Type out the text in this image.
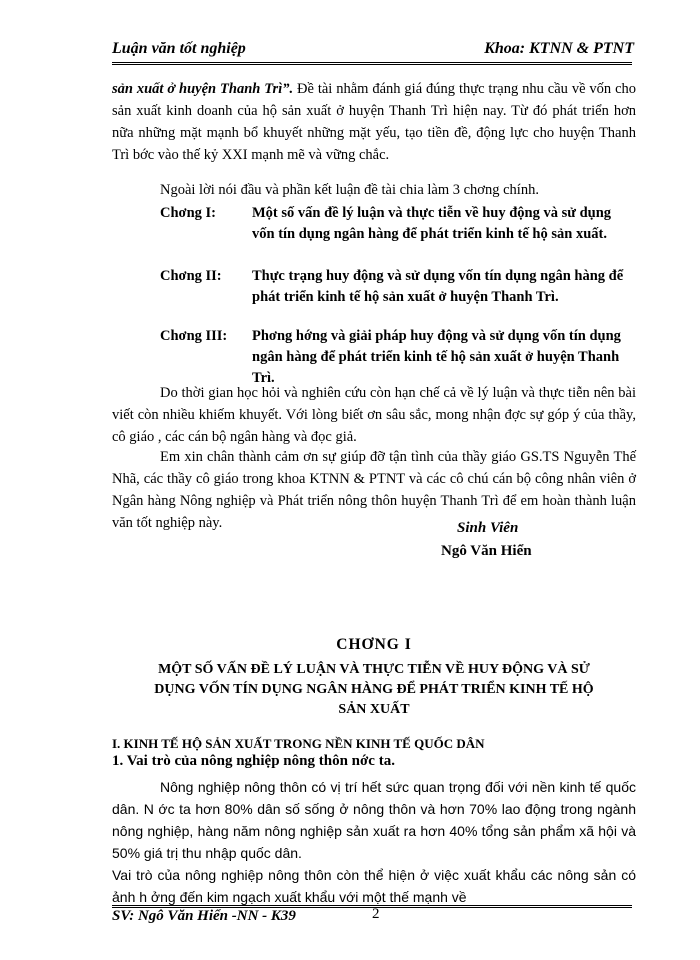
Luận văn tốt nghiệp	Khoa: KTNN & PTNT
sản xuất ở huyện Thanh Trì”. Đề tài nhằm đánh giá đúng thực trạng nhu cầu về vốn cho sản xuất kinh doanh của hộ sản xuất ở huyện Thanh Trì hiện nay. Từ đó phát triển hơn nữa những mặt mạnh bổ khuyết những mặt yếu, tạo tiền đề, động lực cho huyện Thanh Trì bớc vào thế kỷ XXI mạnh mẽ và vững chắc.
Ngoài lời nói đầu và phần kết luận đề tài chia làm 3 chơng chính.
Chơng I:	Một số vấn đề lý luận và thực tiễn về huy động và sử dụng vốn tín dụng ngân hàng để phát triển kinh tế hộ sản xuất.
Chơng II:	Thực trạng huy động và sử dụng vốn tín dụng ngân hàng để phát triển kinh tế hộ sản xuất ở huyện Thanh Trì.
Chơng III:	Phơng hớng và giải pháp huy động và sử dụng vốn tín dụng ngân hàng để phát triển kinh tế hộ sản xuất ở huyện Thanh Trì.
Do thời gian học hỏi và nghiên cứu còn hạn chế cả về lý luận và thực tiễn nên bài viết còn nhiều khiếm khuyết. Với lòng biết ơn sâu sắc, mong nhận đợc sự góp ý của thầy, cô giáo , các cán bộ ngân hàng và đọc giả.
Em xin chân thành cảm ơn sự giúp đỡ tận tình của thầy giáo GS.TS Nguyễn Thế Nhã, các thầy cô giáo trong khoa KTNN & PTNT và các cô chú cán bộ công nhân viên ở Ngân hàng Nông nghiệp và Phát triển nông thôn huyện Thanh Trì để em hoàn thành luận văn tốt nghiệp này.	Sinh Viên
Ngô Văn Hiển
CHƠNG I
MỘT SỐ VẤN ĐỀ LÝ LUẬN VÀ THỰC TIỄN VỀ HUY ĐỘNG VÀ SỬ DỤNG VỐN TÍN DỤNG NGÂN HÀNG ĐỂ PHÁT TRIỂN KINH TẾ HỘ SẢN XUẤT
I. KINH TẾ HỘ SẢN XUẤT TRONG NỀN KINH TẾ QUỐC DÂN
1. Vai trò của nông nghiệp nông thôn nớc ta.
Nông nghiệp nông thôn có vị trí hết sức quan trọng đối với nền kinh tế quốc dân. N ớc ta hơn 80% dân số sống ở nông thôn và hơn 70% lao động trong ngành nông nghiệp, hàng năm nông nghiệp sản xuất ra hơn 40% tổng sản phẩm xã hội và 50% giá trị thu nhập quốc dân.
Vai trò của nông nghiệp nông thôn còn thể hiện ở việc xuất khẩu các nông sản có ảnh h ởng đến kim ngạch xuất khẩu với một thế mạnh về
SV: Ngô Văn Hiển -NN - K39	2
